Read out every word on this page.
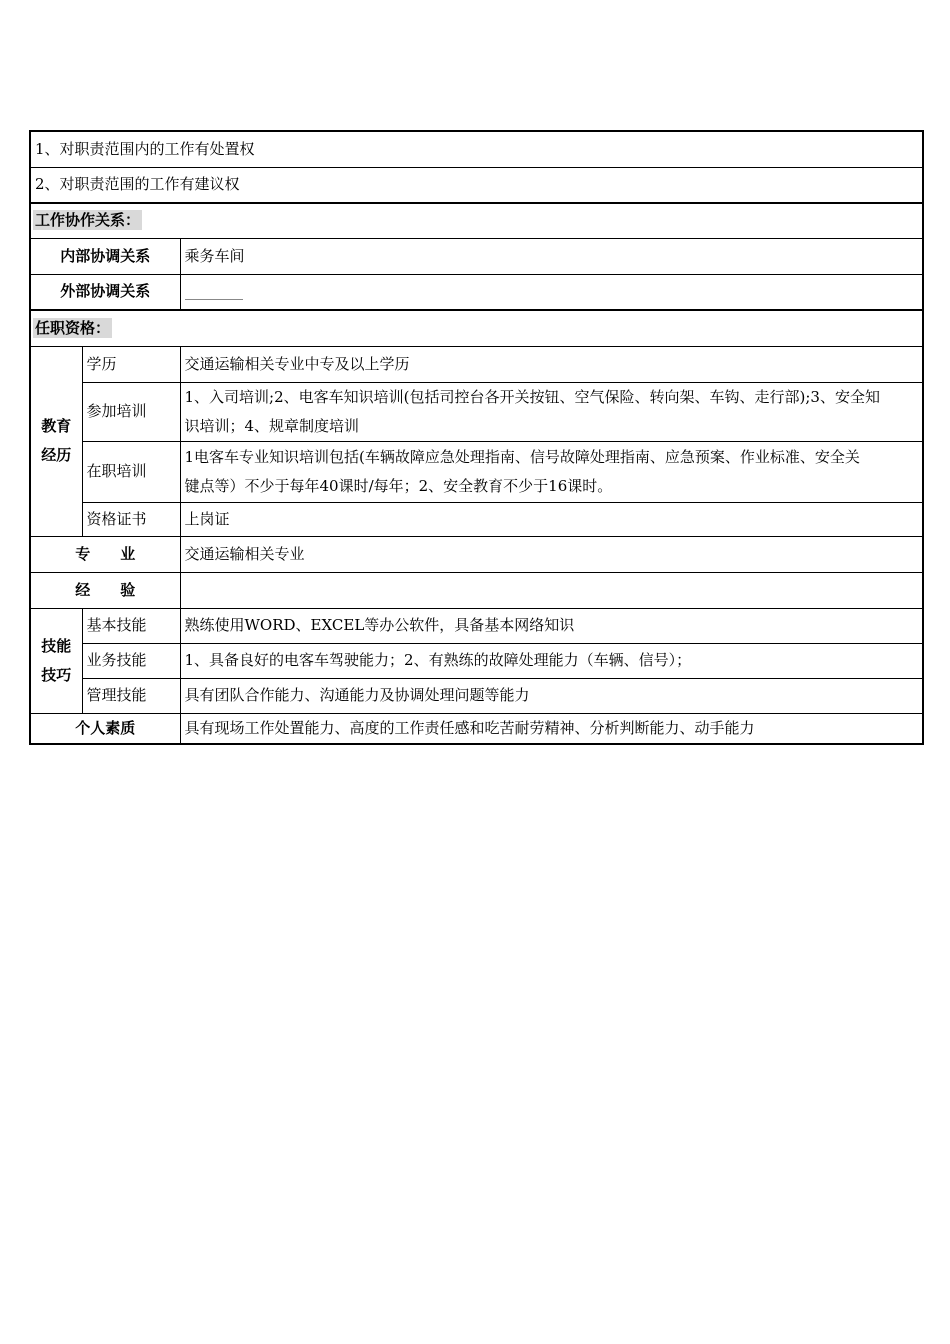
1、对职责范围内的工作有处置权		
2、对职责范围的工作有建议权		
工作协作关系：		
内部协调关系		乘务车间
外部协调关系		
任职资格：		

教育
经历	学历	交通运输相关专业中专及以上学历
	参加培训	1、入司培训;2、电客车知识培训(包括司控台各开关按钮、空气保险、转向架、车钩、走行部);3、安全知
识培训；4、规章制度培训

	在职培训	1电客车专业知识培训包括(车辆故障应急处理指南、信号故障处理指南、应急预案、作业标准、安全关
键点等）不少于每年40课时/每年；2、安全教育不少于16课时。

	资格证书	上岗证
专　　业		交通运输相关专业
经　　验		

技能
技巧	基本技能	熟练使用WORD、EXCEL等办公软件，具备基本网络知识
	业务技能	1、具备良好的电客车驾驶能力；2、有熟练的故障处理能力（车辆、信号）；
	管理技能	具有团队合作能力、沟通能力及协调处理问题等能力
个人素质		具有现场工作处置能力、高度的工作责任感和吃苦耐劳精神、分析判断能力、动手能力
